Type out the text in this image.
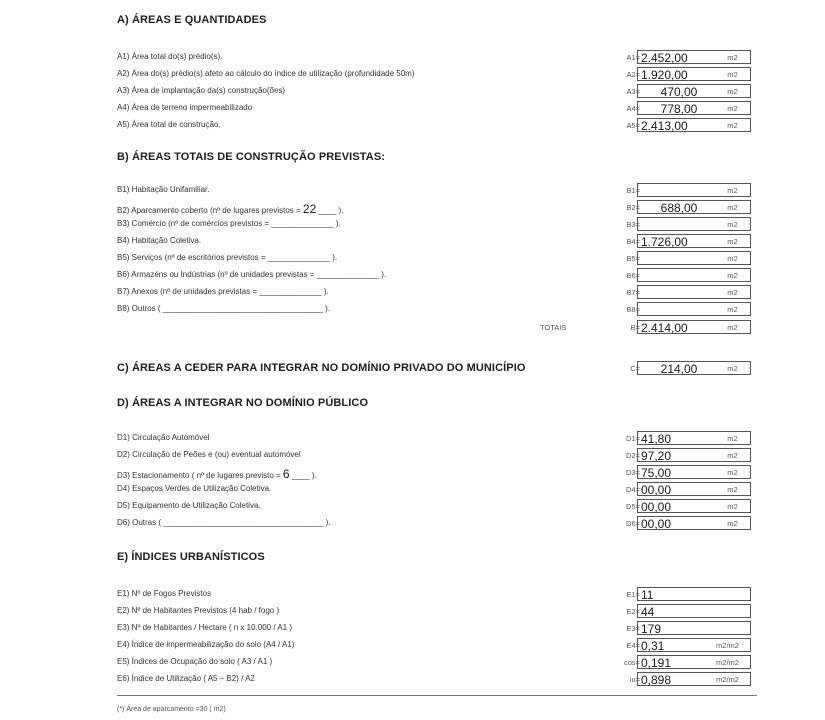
A) ÁREAS E QUANTIDADES
A1) Área total do(s) prédio(s).	A1= 2.452,00	m2
A2) Área do(s) prédio(s) afeto ao cálculo do índice de utilização (profundidade 50m)	A2= 1.920,00	m2
A3) Área de implantação da(s) construção(ões)	A3=	470,00	m2
A4) Área de terreno impermeabilizado	A4=	778,00	m2
A5) Área total de construção.	A5= 2.413,00	m2
B) ÁREAS TOTAIS DE CONSTRUÇÃO PREVISTAS:
B1) Habitação Unifamiliar.	B1=	m2
B2) Aparcamento coberto (nº de lugares previstos = 22 ____ ).	B2=	688,00	m2
B3) Comércio (nº de comércios previstos = ______________ ).	B3=	m2
B4) Habitação Coletiva.	B4= 1.726,00	m2
B5) Serviços (nº de escritórios previstos = ______________ ).	B5=	m2
B6) Armazéns ou Indústrias (nº de unidades previstas = ______________ ).	B6=	m2
B7) Anexos (nº de unidades previstas = ______________ ).	B7=	m2
B8) Outros ( ____________________________________ ).	B8=	m2
TOTAIS	B= 2.414,00	m2
C) ÁREAS A CEDER PARA INTEGRAR NO DOMÍNIO PRIVADO DO MUNICÍPIO	C=	214,00	m2
D) ÁREAS A INTEGRAR NO DOMÍNIO PÚBLICO
D1) Circulação Automóvel	D1= 41,80	m2
D2) Circulação de Peões e (ou) eventual automóvel	D2= 97,20	m2
D3) Estacionamento ( nº de lugares previsto = 6 ____ ).	D3= 75,00	m2
D4) Espaços Verdes de Utilização Coletiva.	D4= 00,00	m2
D5) Equipamento de Utilização Coletiva.	D5= 00,00	m2
D6) Outras ( ____________________________________ ).	D6= 00,00	m2
E) ÍNDICES URBANÍSTICOS
E1) Nº de Fogos Previstos	E1= 11
E2) Nº de Habitantes Previstos (4 hab / fogo )	E2= 44
E3) Nº de Habitantes / Hectare ( n x 10.000 / A1 )	E3= 179
E4) Índice de impermeabilização do solo (A4 / A1)	E4= 0,31	m2/m2
E5) Índices de Ocupação do solo ( A3 / A1 )	cos= 0,191	m2/m2
E6) Índice de Utilização ( A5 – B2) / A2	iu= 0,898	m2/m2
(*) Área de aparcamento =30 ( m2)
